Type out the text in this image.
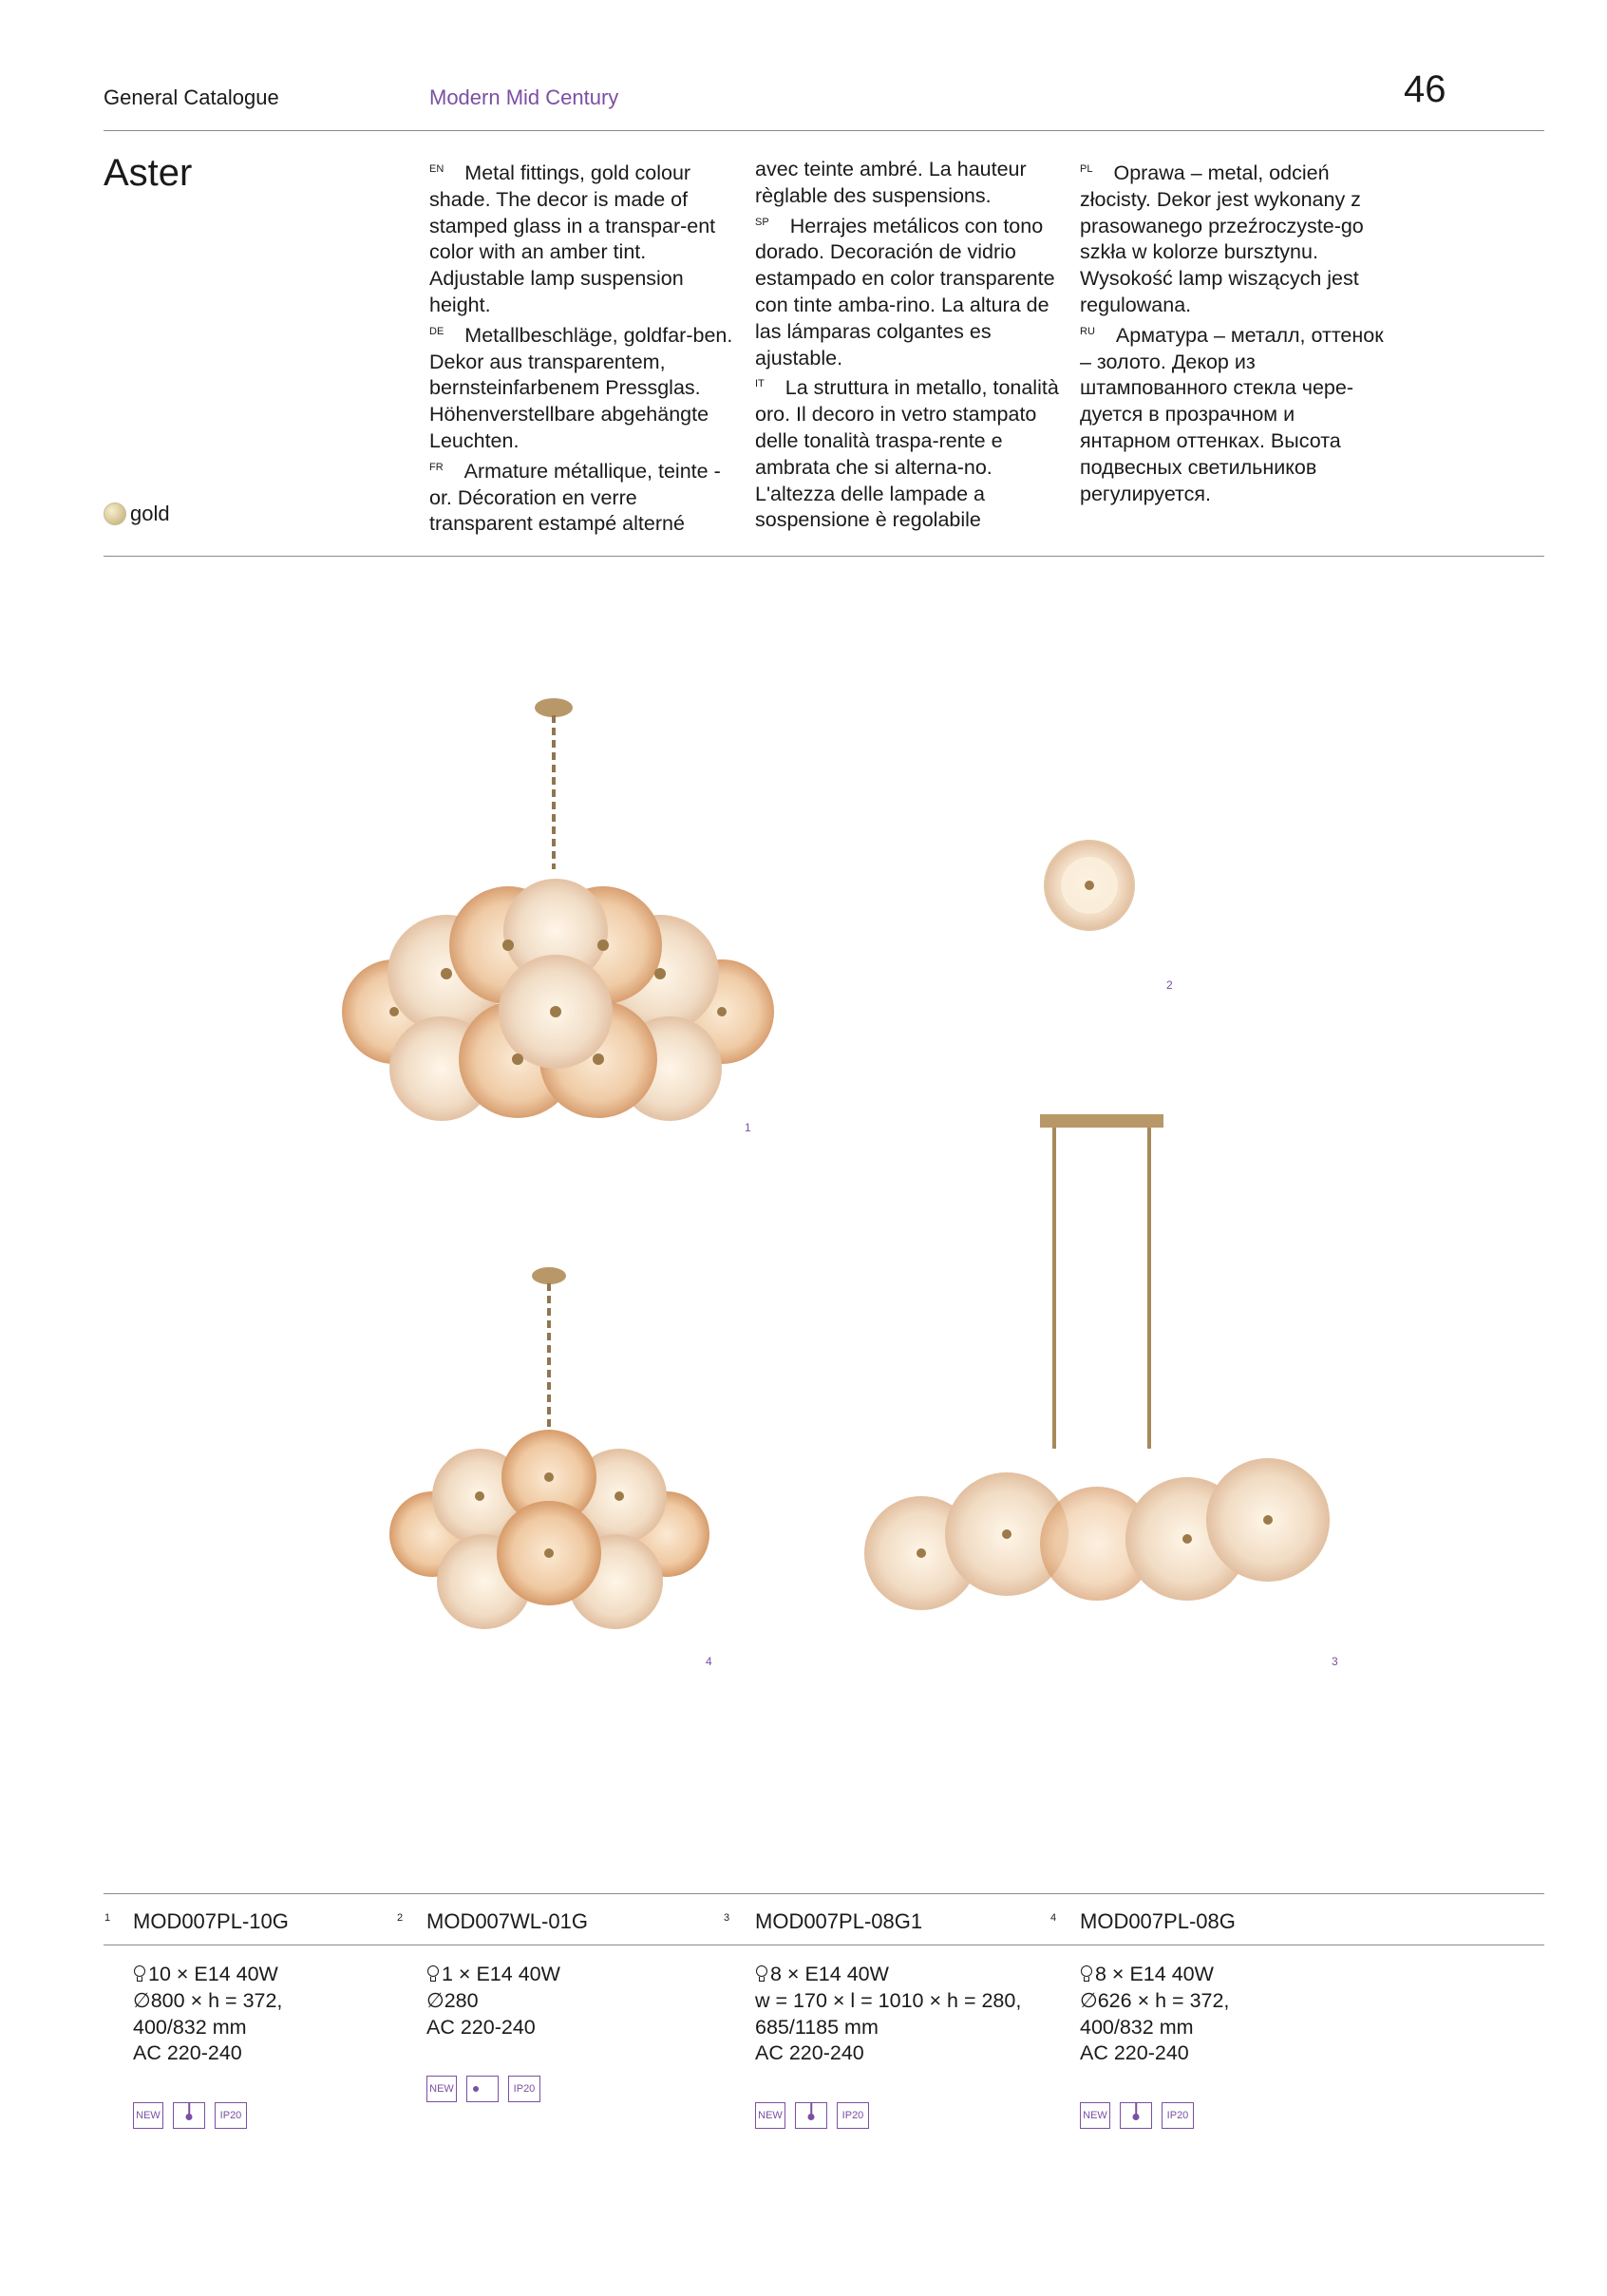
General Catalogue	Modern Mid Century	46
Aster
gold

$^{EN}$ Metal fittings, gold colour shade. The decor is made of stamped glass in a transpar-ent color with an amber tint. Adjustable lamp suspension height.

$^{DE}$ Metallbeschläge, goldfar-ben. Dekor aus transparentem, bernsteinfarbenem Pressglas. Höhenverstellbare abgehängte Leuchten.

$^{FR}$ Armature métallique, teinte - or. Décoration en verre transparent estampé alterné

avec teinte ambré. La hauteur règlable des suspensions.

$^{SP}$ Herrajes metálicos con tono dorado. Decoración de vidrio estampado en color transparente con tinte amba-rino. La altura de las lámparas colgantes es ajustable.

$^{IT}$ La struttura in metallo, tonalità oro. Il decoro in vetro stampato delle tonalità traspa-rente e ambrata che si alterna-no. L'altezza delle lampade a sospensione è regolabile

$^{PL}$ Oprawa – metal, odcień złocisty. Dekor jest wykonany z prasowanego przeźroczyste-go szkła w kolorze bursztynu. Wysokość lamp wiszących jest regulowana.

$^{RU}$ Арматура – металл, оттенок – золото. Декор из штампованного стекла чере-дуется в прозрачном и янтарном оттенках. Высота подвесных светильников регулируется.

1
2
4	3
1 MOD007PL-10G

10 × E14 40W

∅800 × h = 372,

400/832 mm

AC 220-240

NEW	IP20
2 MOD007WL-01G

1 × E14 40W

∅280

AC 220-240

NEW	IP20
3 MOD007PL-08G1

8 × E14 40W

w = 170 × l = 1010 × h = 280,

685/1185 mm

AC 220-240

NEW	IP20
4 MOD007PL-08G

8 × E14 40W

∅626 × h = 372,

400/832 mm

AC 220-240

NEW	IP20
